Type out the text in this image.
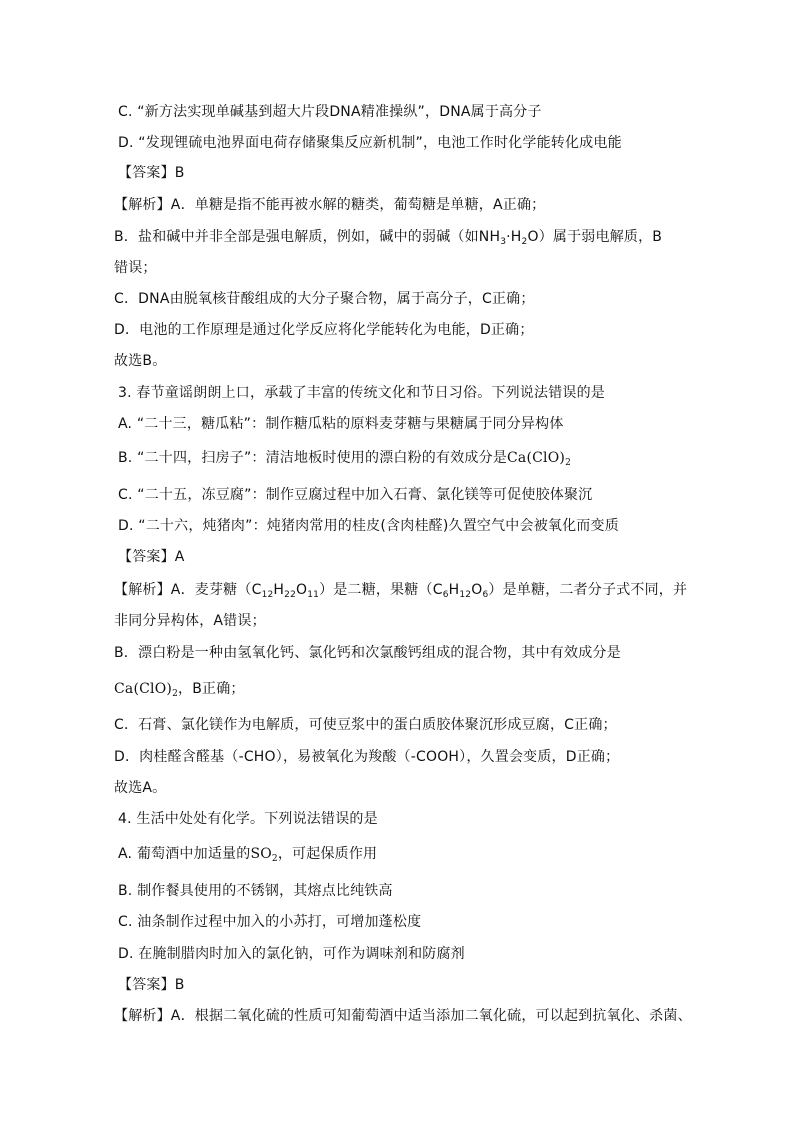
C. “新方法实现单碱基到超大片段DNA精准操纵”，DNA属于高分子
D. “发现锂硫电池界面电荷存储聚集反应新机制”，电池工作时化学能转化成电能
【答案】B
【解析】A．单糖是指不能再被水解的糖类，葡萄糖是单糖，A正确；
B．盐和碱中并非全部是强电解质，例如，碱中的弱碱（如$NH_3\cdot H_2O$）属于弱电解质，B
错误；
C．DNA由脱氧核苷酸组成的大分子聚合物，属于高分子，C正确；
D．电池的工作原理是通过化学反应将化学能转化为电能，D正确；
故选B。
3. 春节童谣朗朗上口，承载了丰富的传统文化和节日习俗。下列说法错误的是
A. “二十三，糖瓜粘”：制作糖瓜粘的原料麦芽糖与果糖属于同分异构体
B. “二十四，扫房子”：清洁地板时使用的漂白粉的有效成分是$Ca(ClO)_2$
C. “二十五，冻豆腐”：制作豆腐过程中加入石膏、氯化镁等可促使胶体聚沉
D. “二十六，炖猪肉”：炖猪肉常用的桂皮(含肉桂醛)久置空气中会被氧化而变质
【答案】A
【解析】A．麦芽糖$(C_{12}H_{22}O_{11})$是二糖，果糖$(C_6H_{12}O_6)$是单糖，二者分子式不同，并
非同分异构体，A错误；
B．漂白粉是一种由氢氧化钙、氯化钙和次氯酸钙组成的混合物，其中有效成分是
$Ca(ClO)_2$，B正确；
C．石膏、氯化镁作为电解质，可使豆浆中的蛋白质胶体聚沉形成豆腐，C正确；
D．肉桂醛含醛基（-CHO），易被氧化为羧酸（-COOH），久置会变质，D正确；
故选A。
4. 生活中处处有化学。下列说法错误的是
A. 葡萄酒中加适量的$SO_2$，可起保质作用
B. 制作餐具使用的不锈钢，其熔点比纯铁高
C. 油条制作过程中加入的小苏打，可增加蓬松度
D. 在腌制腊肉时加入的氯化钠，可作为调味剂和防腐剂
【答案】B
【解析】A．根据二氧化硫的性质可知葡萄酒中适当添加二氧化硫，可以起到抗氧化、杀菌、
